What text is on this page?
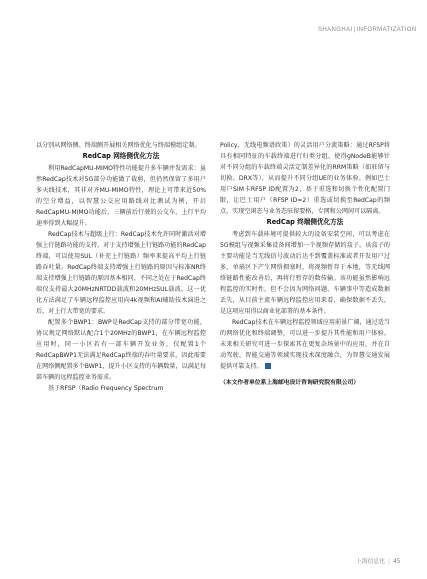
SHANGHAI|INFORMATIZATION

以分别从网络侧、终端侧开展相关网络优化与终端模组定制。

RedCap 网络侧优化方法

利用RedCapMU-MIMO特性功能提升多车辆并发需求：虽然RedCap技术对5G部分功能做了裁剪，但仍然保留了多用户多天线技术，其非对齐MU-MIMO特性，理论上可带来近50%的空分增益，以智慧公交应用路线对比测试为例，开启RedCapMU-MIMO功能后，三辆前后行驶的公交车，上行平均速率得到大幅提升。

RedCap技术与超级上行：RedCap技术允许同时激活对增强上行链路功能的支持。对于支持增强上行链路功能的RedCap终端，可以使用SUL（补充上行链路）频率来提高平均上行链路吞吐量。RedCap终端支持增强上行链路的原因与标准NR终端支持增强上行链路的原因基本相同，不同之处在于RedCap终端仅支持最大20MHzNRTDD载波和20MHzSUL载波。这一优化方法满足了车辆远程监控应用向4k视频和AI辅助技术演进之后，对上行大带宽的要求。

配置多个BWP1：BWP是RedCap支持的部分带宽功能，协议规定网络默认配合1个20MHz的BWP1，在车辆远程监控应用时，同一小区若有一部车辆开发业务，仅配置1个RedCapBWP1无法满足RedCap终端的吞吐量要求，因此需要在网络侧配置多个BWP1，提升小区支持的车辆数量，以满足每部车辆的远程监控业务需求。

基于RFSP（Radio Frequency Spectrum

Policy，无线电频谱政策）的灵活用户分流策略：通过RFSP将具有相同特征的车载终端进行归类分组，使得gNodeB能够针对不同分组的车载终端灵活定制差异化的RRM策略（如驻留与切换、DRX等），从而提升不同分组UE的业务体验。例如巴士用户SIM卡RFSP ID配置为2，基于重选和切换个性化配置门限，让巴士用户（RFSP ID=2）重选或切换至RedCap的频点，实现空闲态与业务态驻留要格，专网和公网间可以隔离。

RedCap 终端侧优化方法

考虑到车载环境可提供较大的设备安装空间，可以考虑在5G模组与视频采集设备间增加一个视频存储的盒子。该盒子的主要功能是当无线信号波动后达不到覆盖标准或者开发用户过多，单扇区下产生网络拥塞时，将视频暂存于本地，等无线网络链路性能改善后，再将行暂存的数传输。该功能虽然影响远程监控的实时性，但不会因为网络问题、车辆事中等造成数据丢失，从目前主流车辆远程监控应用来看，确保数据不丢失，是这项应用得以商业化部署的基本条件。

RedCap技术在车辆远程监控领域应用前景广阔，通过适当的网络优化和终端调整，可以进一步提升其性能和用户体验。未来相关研究可进一步探索其在更复杂场景中的应用，并在自动驾驶、智能交通等领域实现技术深度融合，为智慧交通发展提供可靠支持。

（本文作者单位系上海邮电设计咨询研究院有限公司）

上海信息化 | 45
